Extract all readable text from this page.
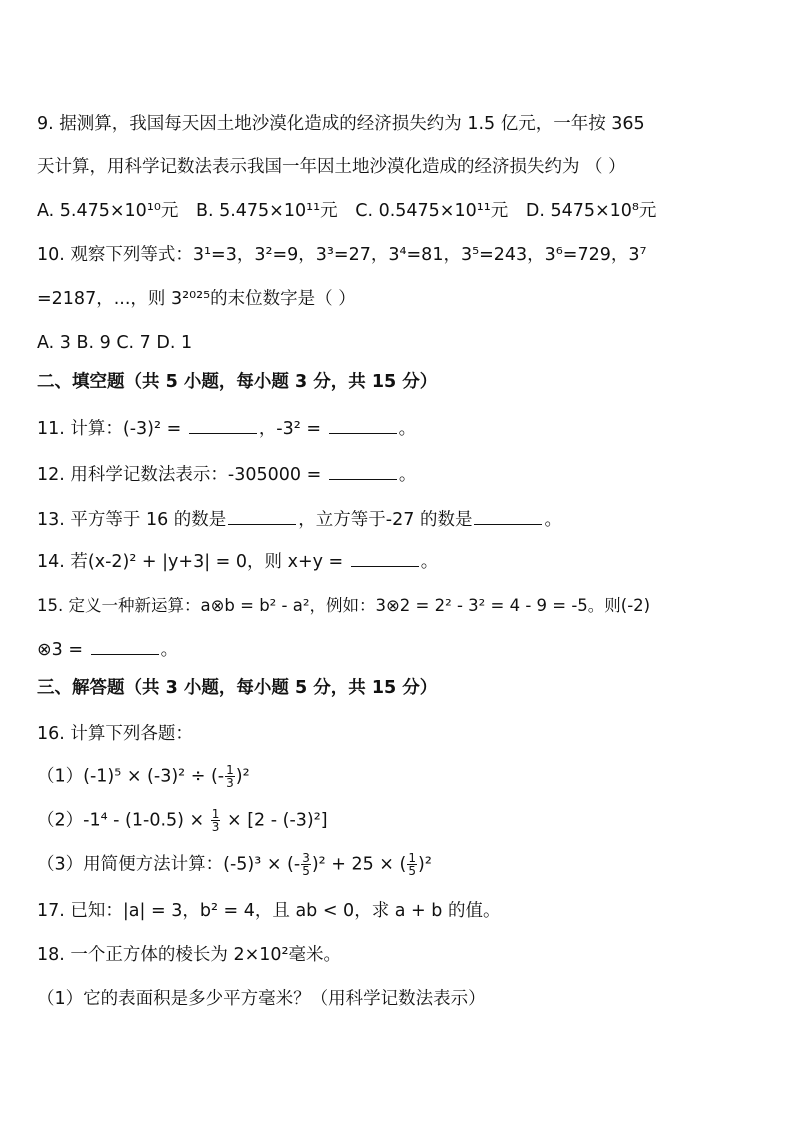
9. 据测算，我国每天因土地沙漠化造成的经济损失约为 1.5 亿元，一年按 365
天计算，用科学记数法表示我国一年因土地沙漠化造成的经济损失约为 （ ）
A. 5.475×10¹⁰元 B. 5.475×10¹¹元 C. 0.5475×10¹¹元 D. 5475×10⁸元
10. 观察下列等式：3¹=3，3²=9，3³=27，3⁴=81，3⁵=243，3⁶=729，3⁷
=2187，...，则 3²⁰²⁵的末位数字是（ ）
A. 3 B. 9 C. 7 D. 1
二、填空题（共 5 小题，每小题 3 分，共 15 分）
11. 计算：(-3)² =	，-3² =	。
12. 用科学记数法表示：-305000 =	。
13. 平方等于 16 的数是	，立方等于-27 的数是	。
14. 若(x-2)² + |y+3| = 0，则 x+y =	。
15. 定义一种新运算：a⊗b = b² - a²，例如：3⊗2 = 2² - 3² = 4 - 9 = -5。则(-2)
⊗3 =	。
三、解答题（共 3 小题，每小题 5 分，共 15 分）
16. 计算下列各题：
（1）(-1)⁵ × (-3)² ÷ (- $\frac{1}{3} )^2$
$(2)-1^4 - (1-0.5) \times \frac{1}{3} \times [2 - (-3)^2]$
（3）用简便方法计算：(-5)³ × (- $\frac{3}{5} )^2 + 25$ × ( $\frac{1}{5} )^2$
17. 已知：|a| = 3，b² = 4，且 ab < 0，求 a + b 的值。
18. 一个正方体的棱长为 2×10²毫米。
（1）它的表面积是多少平方毫米？（用科学记数法表示）
